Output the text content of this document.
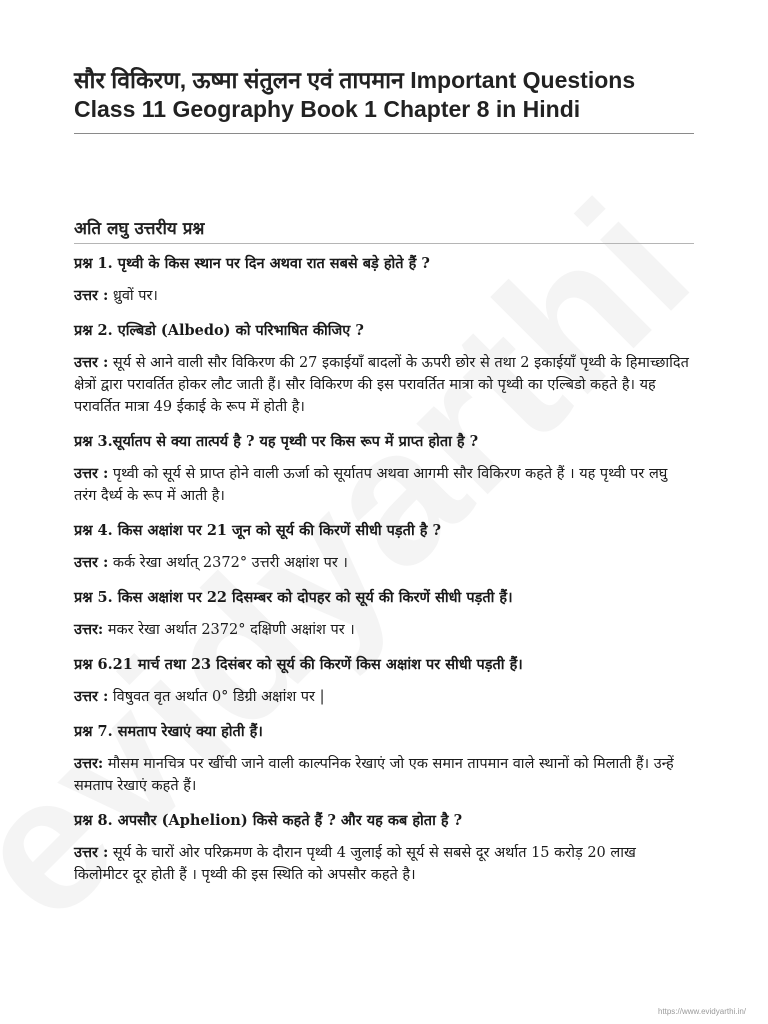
सौर विकिरण, ऊष्मा संतुलन एवं तापमान Important Questions
Class 11 Geography Book 1 Chapter 8 in Hindi
अति लघु उत्तरीय प्रश्न

प्रश्न 1. पृथ्वी के किस स्थान पर दिन अथवा रात सबसे बड़े होते हैं ?

उत्तर : ध्रुवों पर।

प्रश्न 2. एल्बिडो (Albedo) को परिभाषित कीजिए ?

उत्तर : सूर्य से आने वाली सौर विकिरण की 27 इकाईयाँ बादलों के ऊपरी छोर से तथा 2 इकाईयाँ पृथ्वी के हिमाच्छादित क्षेत्रों द्वारा परावर्तित होकर लौट जाती हैं। सौर विकिरण की इस परावर्तित मात्रा को पृथ्वी का एल्बिडो कहते है। यह परावर्तित मात्रा 49 ईकाई के रूप में होती है।

प्रश्न 3.सूर्यातप से क्या तात्पर्य है ? यह पृथ्वी पर किस रूप में प्राप्त होता है ?

उत्तर : पृथ्वी को सूर्य से प्राप्त होने वाली ऊर्जा को सूर्यातप अथवा आगमी सौर विकिरण कहते हैं । यह पृथ्वी पर लघु तरंग दैर्ध्य के रूप में आती है।

प्रश्न 4. किस अक्षांश पर 21 जून को सूर्य की किरणें सीधी पड़ती है ?

उत्तर : कर्क रेखा अर्थात् 2372° उत्तरी अक्षांश पर ।

प्रश्न 5. किस अक्षांश पर 22 दिसम्बर को दोपहर को सूर्य की किरणें सीधी पड़ती हैं।

उत्तर: मकर रेखा अर्थात 2372° दक्षिणी अक्षांश पर ।

प्रश्न 6.21 मार्च तथा 23 दिसंबर को सूर्य की किरणें किस अक्षांश पर सीधी पड़ती हैं।

उत्तर : विषुवत वृत अर्थात 0° डिग्री अक्षांश पर |

प्रश्न 7. समताप रेखाएं क्या होती हैं।

उत्तर: मौसम मानचित्र पर खींची जाने वाली काल्पनिक रेखाएं जो एक समान तापमान वाले स्थानों को मिलाती हैं। उन्हें समताप रेखाएं कहते हैं।

प्रश्न 8. अपसौर (Aphelion) किसे कहते हैं ? और यह कब होता है ?

उत्तर : सूर्य के चारों ओर परिक्रमण के दौरान पृथ्वी 4 जुलाई को सूर्य से सबसे दूर अर्थात 15 करोड़ 20 लाख किलोमीटर दूर होती हैं । पृथ्वी की इस स्थिति को अपसौर कहते है।

https://www.evidyarthi.in/
